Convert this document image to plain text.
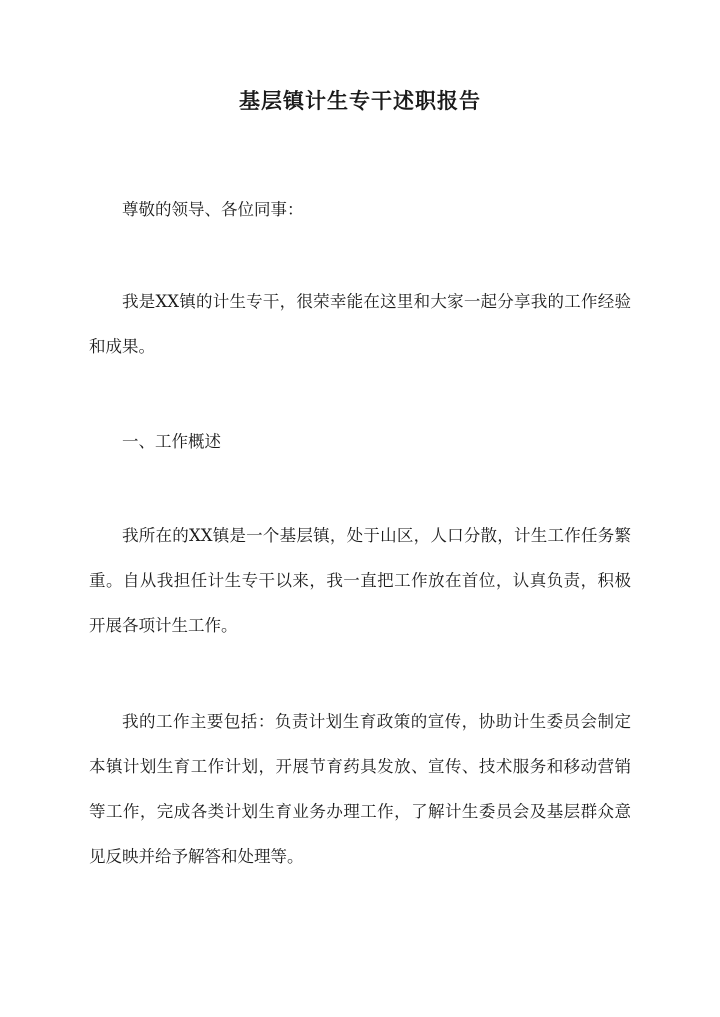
基层镇计生专干述职报告

尊敬的领导、各位同事：

我是XX镇的计生专干，很荣幸能在这里和大家一起分享我的工作经验和成果。

一、工作概述

我所在的XX镇是一个基层镇，处于山区，人口分散，计生工作任务繁重。自从我担任计生专干以来，我一直把工作放在首位，认真负责，积极开展各项计生工作。

我的工作主要包括：负责计划生育政策的宣传，协助计生委员会制定本镇计划生育工作计划，开展节育药具发放、宣传、技术服务和移动营销等工作，完成各类计划生育业务办理工作，了解计生委员会及基层群众意见反映并给予解答和处理等。
